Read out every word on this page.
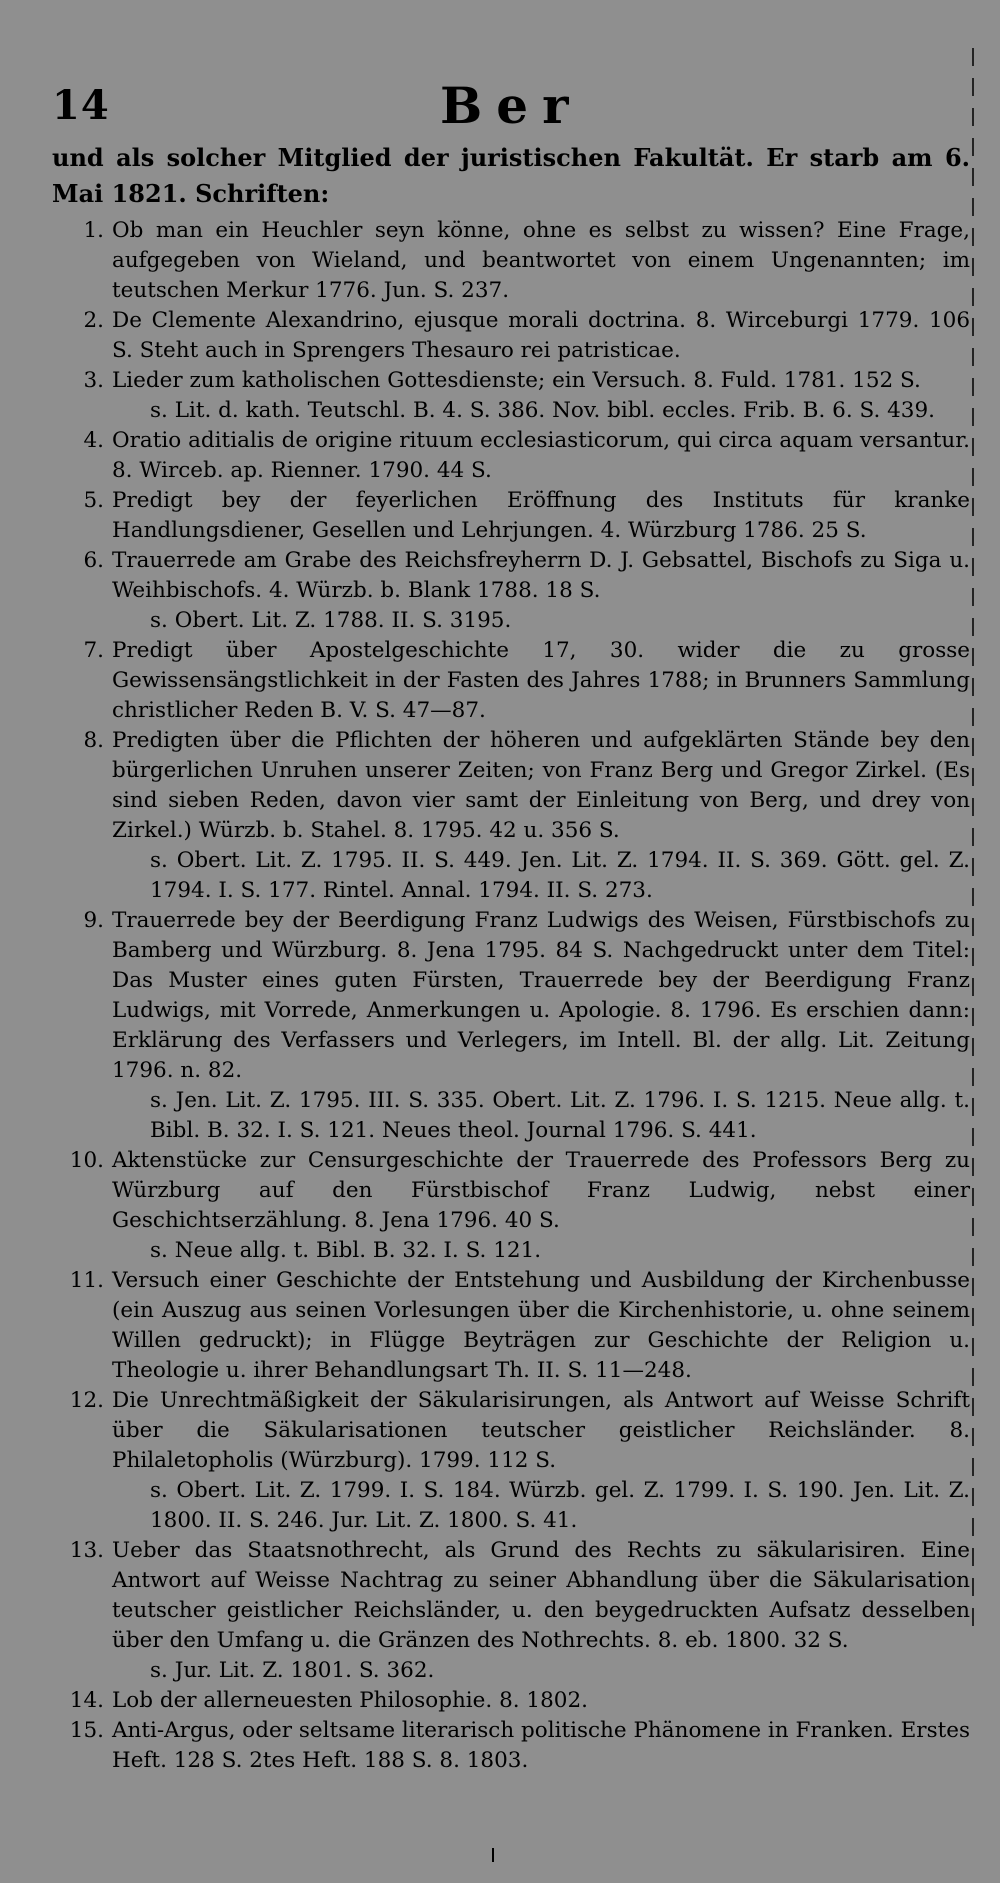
14	Ber

und als solcher Mitglied der juristischen Fakultät. Er starb am 6. Mai 1821. Schriften:

1. Ob man ein Heuchler seyn könne, ohne es selbst zu wissen? Eine Frage, aufgegeben von Wieland, und beantwortet von einem Ungenannten; im teutschen Merkur 1776. Jun. S. 237.
2. De Clemente Alexandrino, ejusque morali doctrina. 8. Wirceburgi 1779. 106 S. Steht auch in Sprengers Thesauro rei patristicae.
3. Lieder zum katholischen Gottesdienste; ein Versuch. 8. Fuld. 1781. 152 S.
s. Lit. d. kath. Teutschl. B. 4. S. 386. Nov. bibl. eccles. Frib. B. 6. S. 439.
4. Oratio aditialis de origine rituum ecclesiasticorum, qui circa aquam versantur. 8. Wirceb. ap. Rienner. 1790. 44 S.
5. Predigt bey der feyerlichen Eröffnung des Instituts für kranke Handlungsdiener, Gesellen und Lehrjungen. 4. Würzburg 1786. 25 S.
6. Trauerrede am Grabe des Reichsfreyherrn D. J. Gebsattel, Bischofs zu Siga u. Weihbischofs. 4. Würzb. b. Blank 1788. 18 S.
s. Obert. Lit. Z. 1788. II. S. 3195.
7. Predigt über Apostelgeschichte 17, 30. wider die zu grosse Gewissensängstlichkeit in der Fasten des Jahres 1788; in Brunners Sammlung christlicher Reden B. V. S. 47—87.
8. Predigten über die Pflichten der höheren und aufgeklärten Stände bey den bürgerlichen Unruhen unserer Zeiten; von Franz Berg und Gregor Zirkel. (Es sind sieben Reden, davon vier samt der Einleitung von Berg, und drey von Zirkel.) Würzb. b. Stahel. 8. 1795. 42 u. 356 S.
s. Obert. Lit. Z. 1795. II. S. 449. Jen. Lit. Z. 1794. II. S. 369. Gött. gel. Z. 1794. I. S. 177. Rintel. Annal. 1794. II. S. 273.
9. Trauerrede bey der Beerdigung Franz Ludwigs des Weisen, Fürstbischofs zu Bamberg und Würzburg. 8. Jena 1795. 84 S. Nachgedruckt unter dem Titel: Das Muster eines guten Fürsten, Trauerrede bey der Beerdigung Franz Ludwigs, mit Vorrede, Anmerkungen u. Apologie. 8. 1796. Es erschien dann: Erklärung des Verfassers und Verlegers, im Intell. Bl. der allg. Lit. Zeitung 1796. n. 82.
s. Jen. Lit. Z. 1795. III. S. 335. Obert. Lit. Z. 1796. I. S. 1215. Neue allg. t. Bibl. B. 32. I. S. 121. Neues theol. Journal 1796. S. 441.
10. Aktenstücke zur Censurgeschichte der Trauerrede des Professors Berg zu Würzburg auf den Fürstbischof Franz Ludwig, nebst einer Geschichtserzählung. 8. Jena 1796. 40 S.
s. Neue allg. t. Bibl. B. 32. I. S. 121.
11. Versuch einer Geschichte der Entstehung und Ausbildung der Kirchenbusse (ein Auszug aus seinen Vorlesungen über die Kirchenhistorie, u. ohne seinem Willen gedruckt); in Flügge Beyträgen zur Geschichte der Religion u. Theologie u. ihrer Behandlungsart Th. II. S. 11—248.
12. Die Unrechtmäßigkeit der Säkularisirungen, als Antwort auf Weisse Schrift über die Säkularisationen teutscher geistlicher Reichsländer. 8. Philaletopholis (Würzburg). 1799. 112 S.
s. Obert. Lit. Z. 1799. I. S. 184. Würzb. gel. Z. 1799. I. S. 190. Jen. Lit. Z. 1800. II. S. 246. Jur. Lit. Z. 1800. S. 41.
13. Ueber das Staatsnothrecht, als Grund des Rechts zu säkularisiren. Eine Antwort auf Weisse Nachtrag zu seiner Abhandlung über die Säkularisation teutscher geistlicher Reichsländer, u. den beygedruckten Aufsatz desselben über den Umfang u. die Gränzen des Nothrechts. 8. eb. 1800. 32 S.
s. Jur. Lit. Z. 1801. S. 362.
14. Lob der allerneuesten Philosophie. 8. 1802.
15. Anti-Argus, oder seltsame literarisch politische Phänomene in Franken. Erstes Heft. 128 S. 2tes Heft. 188 S. 8. 1803.
